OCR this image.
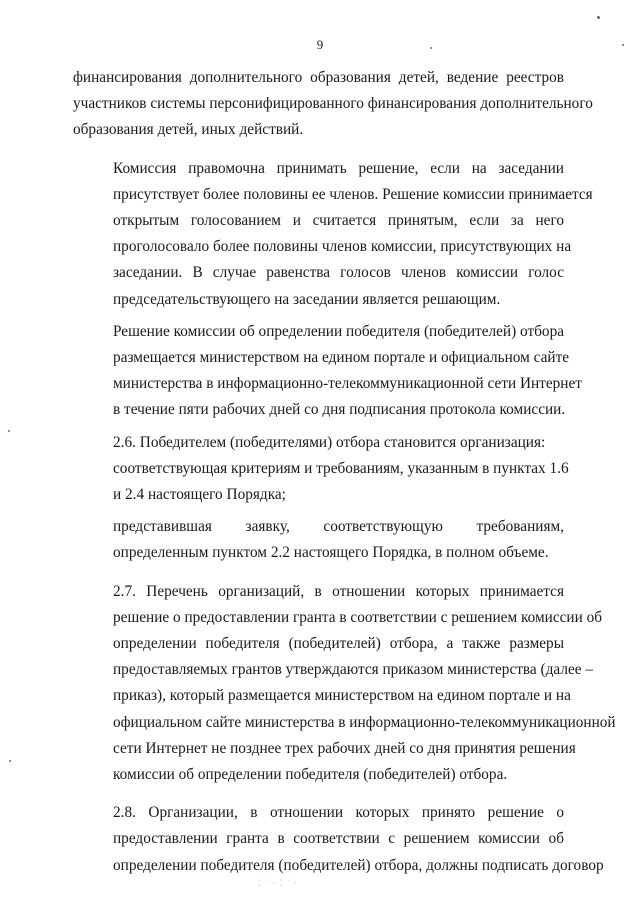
9

финансирования дополнительного образования детей, ведение реестров
участников системы персонифицированного финансирования дополнительного
образования детей, иных действий.

Комиссия правомочна принимать решение, если на заседании
присутствует более половины ее членов. Решение комиссии принимается
открытым голосованием и считается принятым, если за него
проголосовало более половины членов комиссии, присутствующих на
заседании. В случае равенства голосов членов комиссии голос
председательствующего на заседании является решающим.

Решение комиссии об определении победителя (победителей) отбора
размещается министерством на едином портале и официальном сайте
министерства в информационно-телекоммуникационной сети Интернет
в течение пяти рабочих дней со дня подписания протокола комиссии.

2.6. Победителем (победителями) отбора становится организация:

соответствующая критериям и требованиям, указанным в пунктах 1.6
и 2.4 настоящего Порядка;

представившая заявку, соответствующую требованиям,
определенным пунктом 2.2 настоящего Порядка, в полном объеме.

2.7. Перечень организаций, в отношении которых принимается
решение о предоставлении гранта в соответствии с решением комиссии об
определении победителя (победителей) отбора, а также размеры
предоставляемых грантов утверждаются приказом министерства (далее –
приказ), который размещается министерством на едином портале и на
официальном сайте министерства в информационно-телекоммуникационной
сети Интернет не позднее трех рабочих дней со дня принятия решения
комиссии об определении победителя (победителей) отбора.

2.8. Организации, в отношении которых принято решение о
предоставлении гранта в соответствии с решением комиссии об
определении победителя (победителей) отбора, должны подписать договор

⁚ ˙ · ⁚ ˙ ·
